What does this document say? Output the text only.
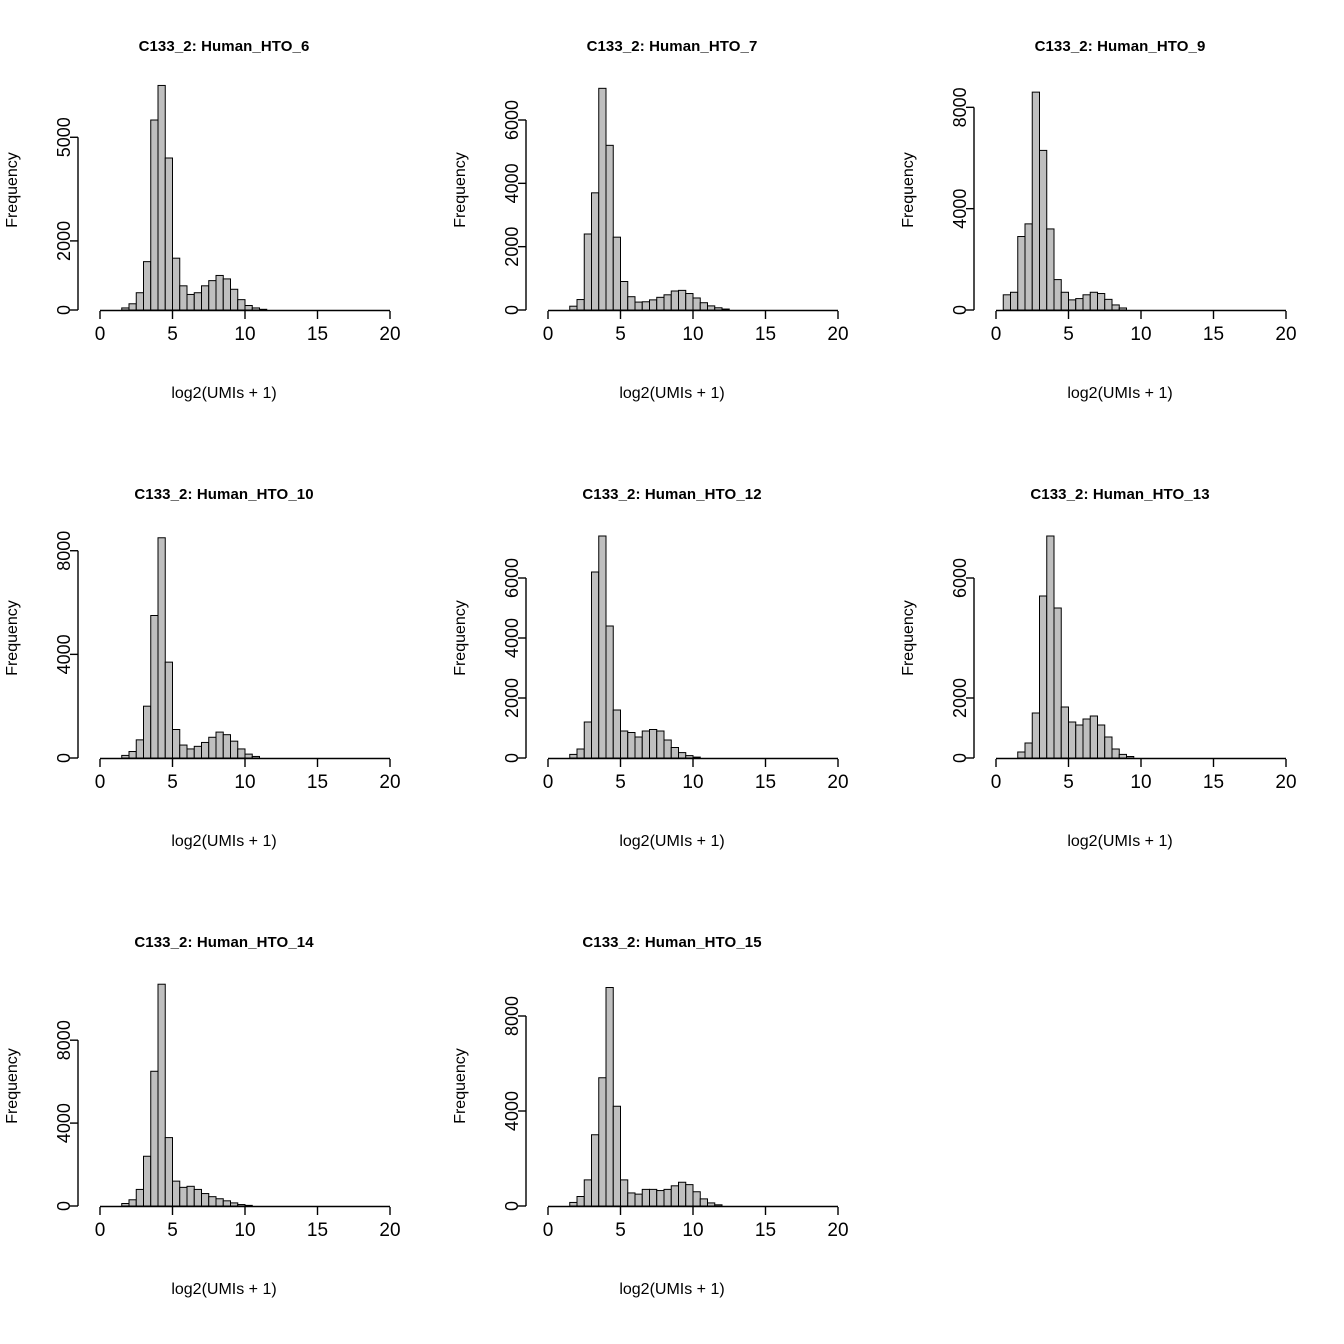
C133_2: Human_HTO_6
Frequency
log2(UMIs + 1)
0	5	10	15	20
0
2000
5000
C133_2: Human_HTO_7
Frequency
log2(UMIs + 1)
0	5	10	15	20
0
2000
4000
6000
C133_2: Human_HTO_9
Frequency
log2(UMIs + 1)
0	5	10	15	20
0
4000
8000
C133_2: Human_HTO_10
Frequency
log2(UMIs + 1)
0	5	10	15	20
0
4000
8000
C133_2: Human_HTO_12
Frequency
log2(UMIs + 1)
0	5	10	15	20
0
2000
4000
6000
C133_2: Human_HTO_13
Frequency
log2(UMIs + 1)
0	5	10	15	20
0
2000
6000
C133_2: Human_HTO_14
Frequency
log2(UMIs + 1)
0	5	10	15	20
0
4000
8000
C133_2: Human_HTO_15
Frequency
log2(UMIs + 1)
0	5	10	15	20
0
4000
8000
